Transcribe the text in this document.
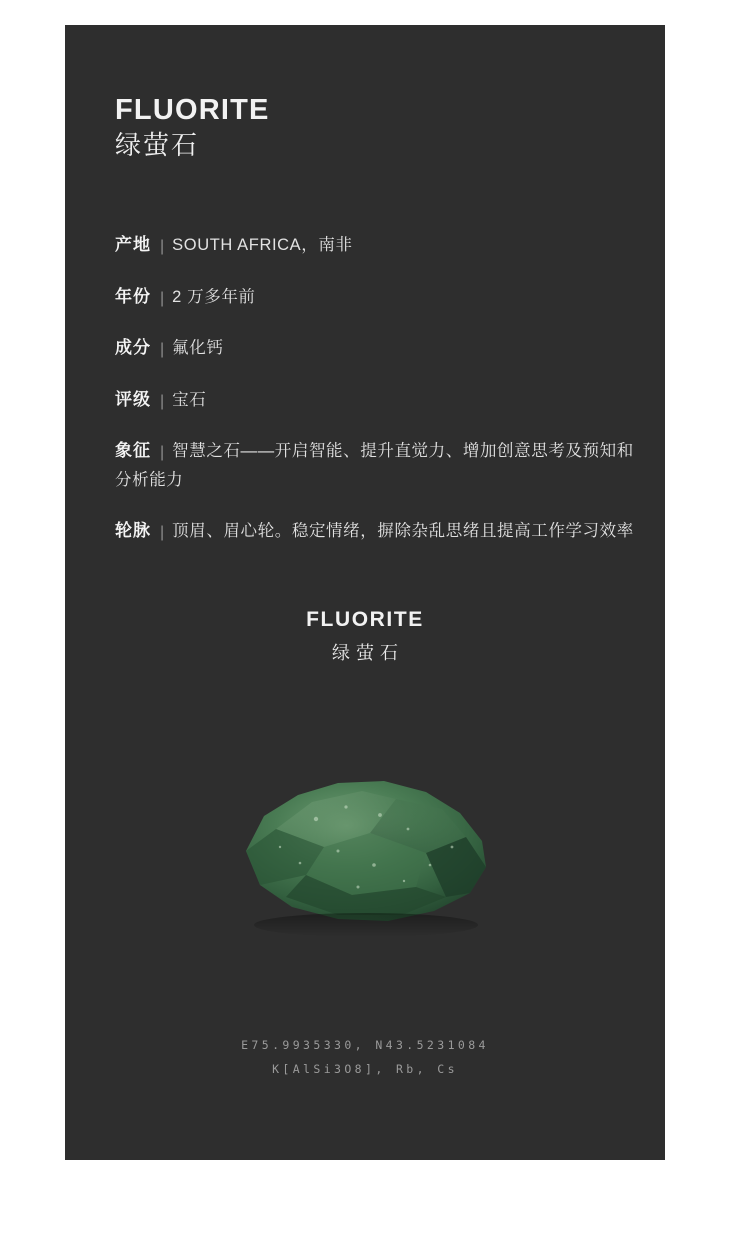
FLUORITE
绿萤石
产地 | SOUTH AFRICA，南非
年份 | 2 万多年前
成分 | 氟化钙
评级 | 宝石
象征 | 智慧之石——开启智能、提升直觉力、增加创意思考及预知和分析能力
轮脉 | 顶眉、眉心轮。稳定情绪，摒除杂乱思绪且提高工作学习效率
FLUORITE
绿萤石
E75.9935330, N43.5231084
K[AlSi3O8], Rb, Cs
